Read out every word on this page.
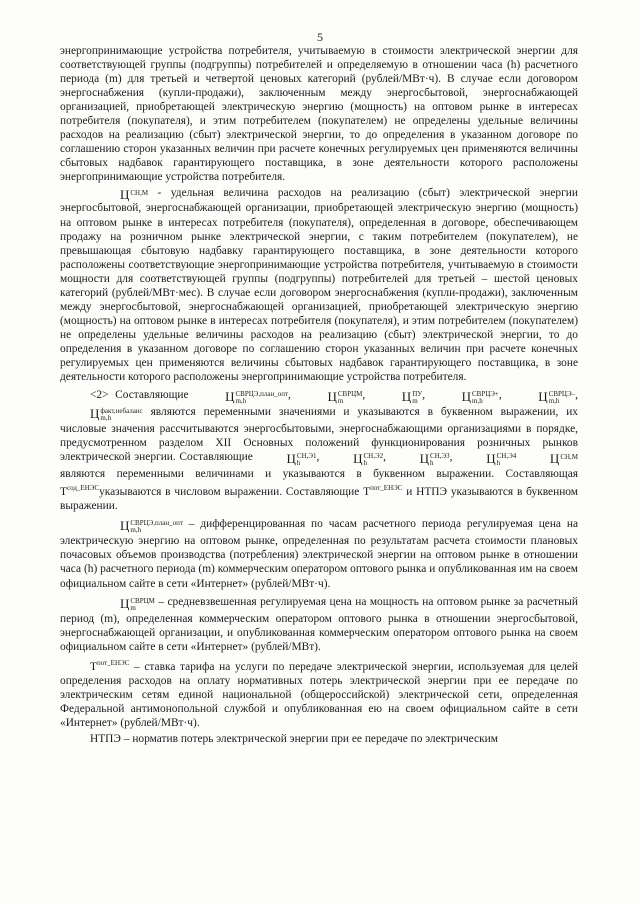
5

энергопринимающие устройства потребителя, учитываемую в стоимости электрической энергии для соответствующей группы (подгруппы) потребителей и определяемую в отношении часа (h) расчетного периода (m) для третьей и четвертой ценовых категорий (рублей/МВт·ч). В случае если договором энергоснабжения (купли-продажи), заключенным между энергосбытовой, энергоснабжающей организацией, приобретающей электрическую энергию (мощность) на оптовом рынке в интересах потребителя (покупателя), и этим потребителем (покупателем) не определены удельные величины расходов на реализацию (сбыт) электрической энергии, то до определения в указанном договоре по соглашению сторон указанных величин при расчете конечных регулируемых цен применяются величины сбытовых надбавок гарантирующего поставщика, в зоне деятельности которого расположены энергопринимающие устройства потребителя.

Ц СН,М - удельная величина расходов на реализацию (сбыт) электрической энергии энергосбытовой, энергоснабжающей организации, приобретающей электрическую энергию (мощность) на оптовом рынке в интересах потребителя (покупателя), определенная в договоре, обеспечивающем продажу на розничном рынке электрической энергии, с таким потребителем (покупателем), не превышающая сбытовую надбавку гарантирующего поставщика, в зоне деятельности которого расположены соответствующие энергопринимающие устройства потребителя, учитываемую в стоимости мощности для соответствующей группы (подгруппы) потребителей для третьей – шестой ценовых категорий (рублей/МВт·мес). В случае если договором энергоснабжения (купли-продажи), заключенным между энергосбытовой, энергоснабжающей организацией, приобретающей электрическую энергию (мощность) на оптовом рынке в интересах потребителя (покупателя), и этим потребителем (покупателем) не определены удельные величины расходов на реализацию (сбыт) электрической энергии, то до определения в указанном договоре по соглашению сторон указанных величин при расчете конечных регулируемых цен применяются величины сбытовых надбавок гарантирующего поставщика, в зоне деятельности которого расположены энергопринимающие устройства потребителя.

<2> Составляющие Ц СВРЦЭ,план_опт
m,h
, Ц СВРЦМ
m
, Ц ПУ
m
, Ц СВРЦЭ+
m,h
, Ц СВРЦЭ–
m,h
, Ц факт,небаланс
m,h
являются переменными значениями и указываются в буквенном выражении, их числовые значения рассчитываются энергосбытовыми, энергоснабжающими организациями в порядке, предусмотренном разделом XII Основных положений функционирования розничных рынков электрической энергии. Составляющие Ц СН,Э1
h
, Ц СН,Э2
h
, Ц СН,Э3
h
, Ц СН,Э4
h	Ц СН,М
являются переменными величинами и указываются в буквенном выражении. Составляющая $Т^{сод\_ЕНЭС}указываются$ в числовом выражении. Составляющие $Т^{пот\_ЕНЭС}$ и НТПЭ указываются в буквенном выражении.

Ц СВРЦЭ,план_опт
m,h
– дифференцированная по часам расчетного периода регулируемая цена на электрическую энергию на оптовом рынке, определенная по результатам расчета стоимости плановых почасовых объемов производства (потребления) электрической энергии на оптовом рынке в отношении часа (h) расчетного периода (m) коммерческим оператором оптового рынка и опубликованная им на своем официальном сайте в сети «Интернет» (рублей/МВт·ч).

Ц СВРЦМ
m
– средневзвешенная регулируемая цена на мощность на оптовом рынке за расчетный период (m), определенная коммерческим оператором оптового рынка в отношении энергосбытовой, энергоснабжающей организации, и опубликованная коммерческим оператором оптового рынка на своем официальном сайте в сети «Интернет» (рублей/МВт).

$Т^{пот\_ЕНЭС}$ – ставка тарифа на услуги по передаче электрической энергии, используемая для целей определения расходов на оплату нормативных потерь электрической энергии при ее передаче по электрическим сетям единой национальной (общероссийской) электрической сети, определенная Федеральной антимонопольной службой и опубликованная ею на своем официальном сайте в сети «Интернет» (рублей/МВт·ч).

НТПЭ – норматив потерь электрической энергии при ее передаче по электрическим
